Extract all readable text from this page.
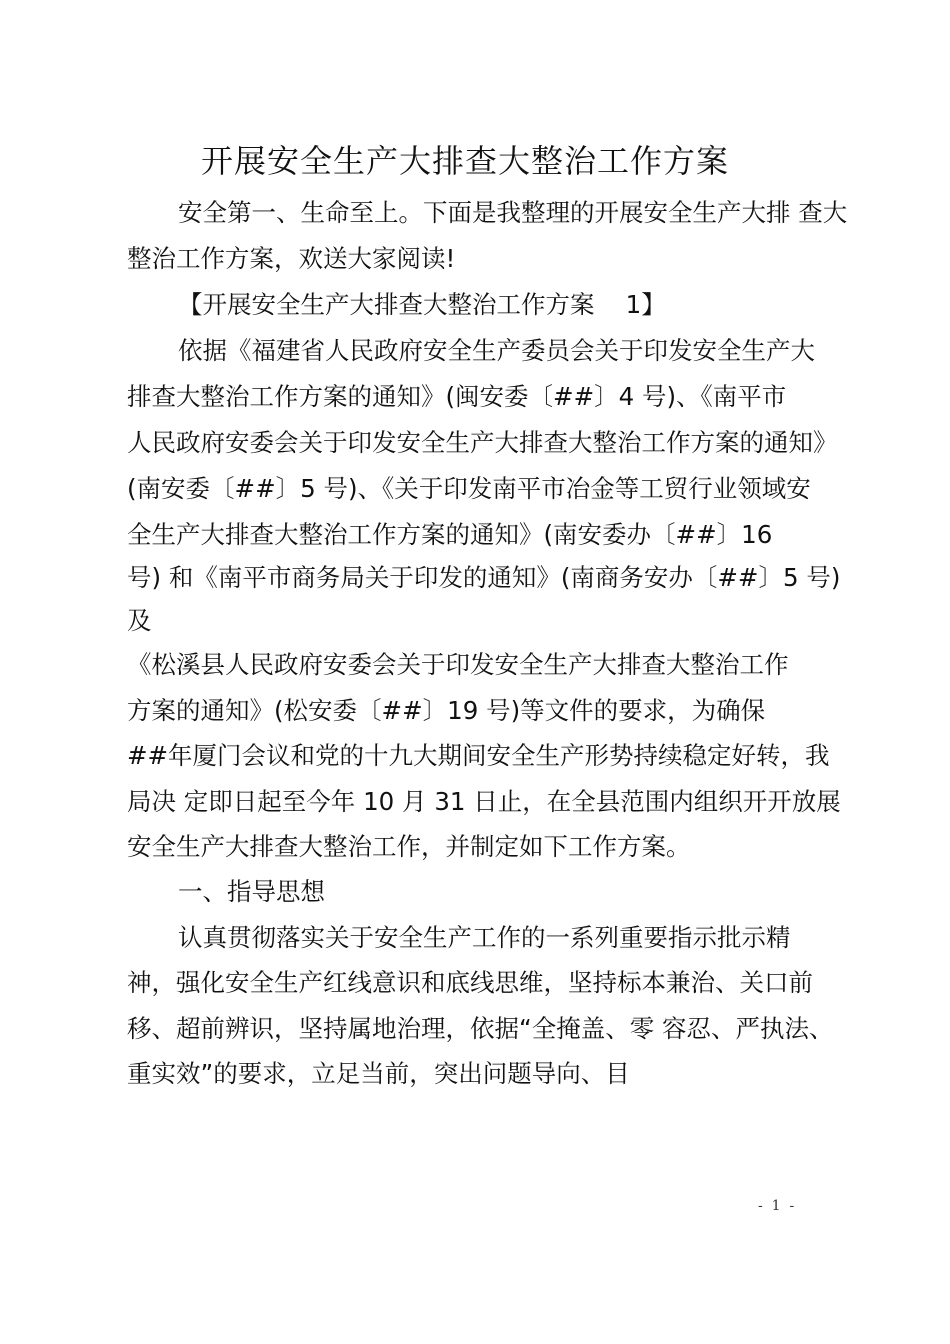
开展安全生产大排查大整治工作方案
安全第一、生命至上。下面是我整理的开展安全生产大排 查大
整治工作方案，欢送大家阅读!
【开展安全生产大排查大整治工作方案    1】
依据《福建省人民政府安全生产委员会关于印发安全生产大
排查大整治工作方案的通知》(闽安委〔##〕4 号)、《南平市
人民政府安委会关于印发安全生产大排查大整治工作方案的通知》
(南安委〔##〕5 号)、《关于印发南平市冶金等工贸行业领域安
全生产大排查大整治工作方案的通知》(南安委办〔##〕16
号) 和《南平市商务局关于印发的通知》(南商务安办〔##〕5 号)
及
《松溪县人民政府安委会关于印发安全生产大排查大整治工作
方案的通知》(松安委〔##〕19 号)等文件的要求，为确保
##年厦门会议和党的十九大期间安全生产形势持续稳定好转，我
局决 定即日起至今年 10 月 31 日止，在全县范围内组织开开放展
安全生产大排查大整治工作，并制定如下工作方案。
一、指导思想
认真贯彻落实关于安全生产工作的一系列重要指示批示精
神，强化安全生产红线意识和底线思维，坚持标本兼治、关口前
移、超前辨识，坚持属地治理，依据“全掩盖、零 容忍、严执法、
重实效”的要求，立足当前，突出问题导向、目
-  1  -
